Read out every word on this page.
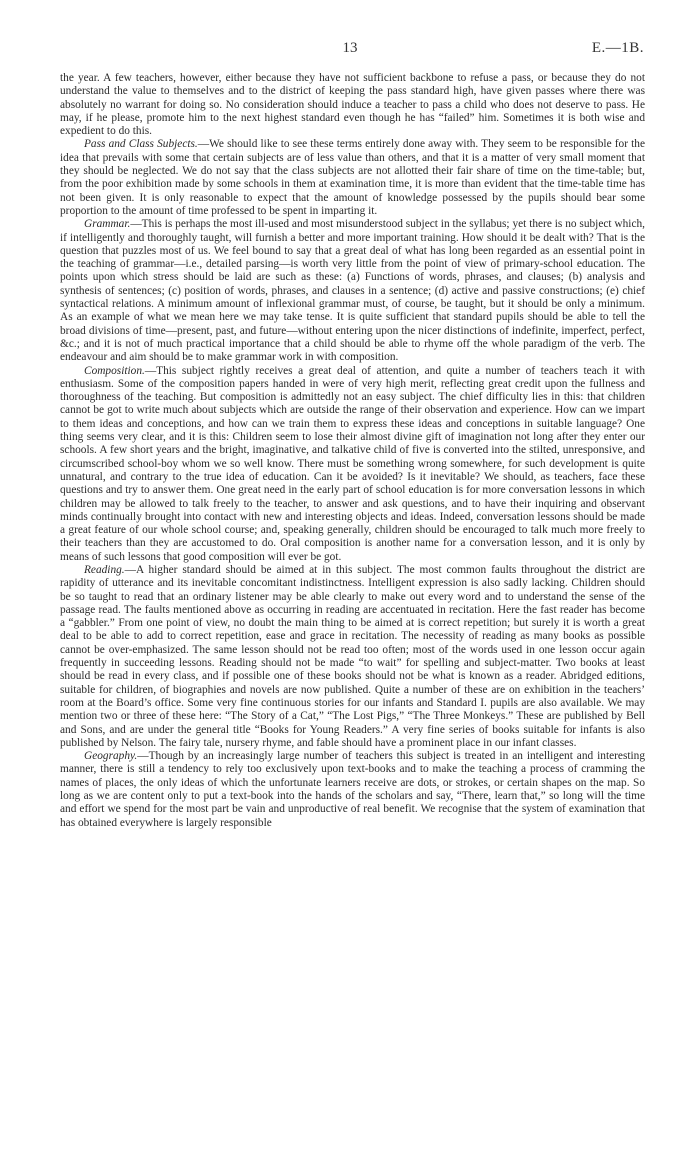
13	E.—1B.

the year. A few teachers, however, either because they have not sufficient backbone to refuse a pass, or because they do not understand the value to themselves and to the district of keeping the pass standard high, have given passes where there was absolutely no warrant for doing so. No consideration should induce a teacher to pass a child who does not deserve to pass. He may, if he please, promote him to the next highest standard even though he has “failed” him. Sometimes it is both wise and expedient to do this.

Pass and Class Subjects.—We should like to see these terms entirely done away with. They seem to be responsible for the idea that prevails with some that certain subjects are of less value than others, and that it is a matter of very small moment that they should be neglected. We do not say that the class subjects are not allotted their fair share of time on the time-table; but, from the poor exhibition made by some schools in them at examination time, it is more than evident that the time-table time has not been given. It is only reasonable to expect that the amount of knowledge possessed by the pupils should bear some proportion to the amount of time professed to be spent in imparting it.

Grammar.—This is perhaps the most ill-used and most misunderstood subject in the syllabus; yet there is no subject which, if intelligently and thoroughly taught, will furnish a better and more important training. How should it be dealt with? That is the question that puzzles most of us. We feel bound to say that a great deal of what has long been regarded as an essential point in the teaching of grammar—i.e., detailed parsing—is worth very little from the point of view of primary-school education. The points upon which stress should be laid are such as these: (a) Functions of words, phrases, and clauses; (b) analysis and synthesis of sentences; (c) position of words, phrases, and clauses in a sentence; (d) active and passive constructions; (e) chief syntactical relations. A minimum amount of inflexional grammar must, of course, be taught, but it should be only a minimum. As an example of what we mean here we may take tense. It is quite sufficient that standard pupils should be able to tell the broad divisions of time—present, past, and future—without entering upon the nicer distinctions of indefinite, imperfect, perfect, &c.; and it is not of much practical importance that a child should be able to rhyme off the whole paradigm of the verb. The endeavour and aim should be to make grammar work in with composition.

Composition.—This subject rightly receives a great deal of attention, and quite a number of teachers teach it with enthusiasm. Some of the composition papers handed in were of very high merit, reflecting great credit upon the fullness and thoroughness of the teaching. But composition is admittedly not an easy subject. The chief difficulty lies in this: that children cannot be got to write much about subjects which are outside the range of their observation and experience. How can we impart to them ideas and conceptions, and how can we train them to express these ideas and conceptions in suitable language? One thing seems very clear, and it is this: Children seem to lose their almost divine gift of imagination not long after they enter our schools. A few short years and the bright, imaginative, and talkative child of five is converted into the stilted, unresponsive, and circumscribed school-boy whom we so well know. There must be something wrong somewhere, for such development is quite unnatural, and contrary to the true idea of education. Can it be avoided? Is it inevitable? We should, as teachers, face these questions and try to answer them. One great need in the early part of school education is for more conversation lessons in which children may be allowed to talk freely to the teacher, to answer and ask questions, and to have their inquiring and observant minds continually brought into contact with new and interesting objects and ideas. Indeed, conversation lessons should be made a great feature of our whole school course; and, speaking generally, children should be encouraged to talk much more freely to their teachers than they are accustomed to do. Oral composition is another name for a conversation lesson, and it is only by means of such lessons that good composition will ever be got.

Reading.—A higher standard should be aimed at in this subject. The most common faults throughout the district are rapidity of utterance and its inevitable concomitant indistinctness. Intelligent expression is also sadly lacking. Children should be so taught to read that an ordinary listener may be able clearly to make out every word and to understand the sense of the passage read. The faults mentioned above as occurring in reading are accentuated in recitation. Here the fast reader has become a “gabbler.” From one point of view, no doubt the main thing to be aimed at is correct repetition; but surely it is worth a great deal to be able to add to correct repetition, ease and grace in recitation. The necessity of reading as many books as possible cannot be over-emphasized. The same lesson should not be read too often; most of the words used in one lesson occur again frequently in succeeding lessons. Reading should not be made “to wait” for spelling and subject-matter. Two books at least should be read in every class, and if possible one of these books should not be what is known as a reader. Abridged editions, suitable for children, of biographies and novels are now published. Quite a number of these are on exhibition in the teachers’ room at the Board’s office. Some very fine continuous stories for our infants and Standard I. pupils are also available. We may mention two or three of these here: “The Story of a Cat,” “The Lost Pigs,” “The Three Monkeys.” These are published by Bell and Sons, and are under the general title “Books for Young Readers.” A very fine series of books suitable for infants is also published by Nelson. The fairy tale, nursery rhyme, and fable should have a prominent place in our infant classes.

Geography.—Though by an increasingly large number of teachers this subject is treated in an intelligent and interesting manner, there is still a tendency to rely too exclusively upon text-books and to make the teaching a process of cramming the names of places, the only ideas of which the unfortunate learners receive are dots, or strokes, or certain shapes on the map. So long as we are content only to put a text-book into the hands of the scholars and say, “There, learn that,” so long will the time and effort we spend for the most part be vain and unproductive of real benefit. We recognise that the system of examination that has obtained everywhere is largely responsible
